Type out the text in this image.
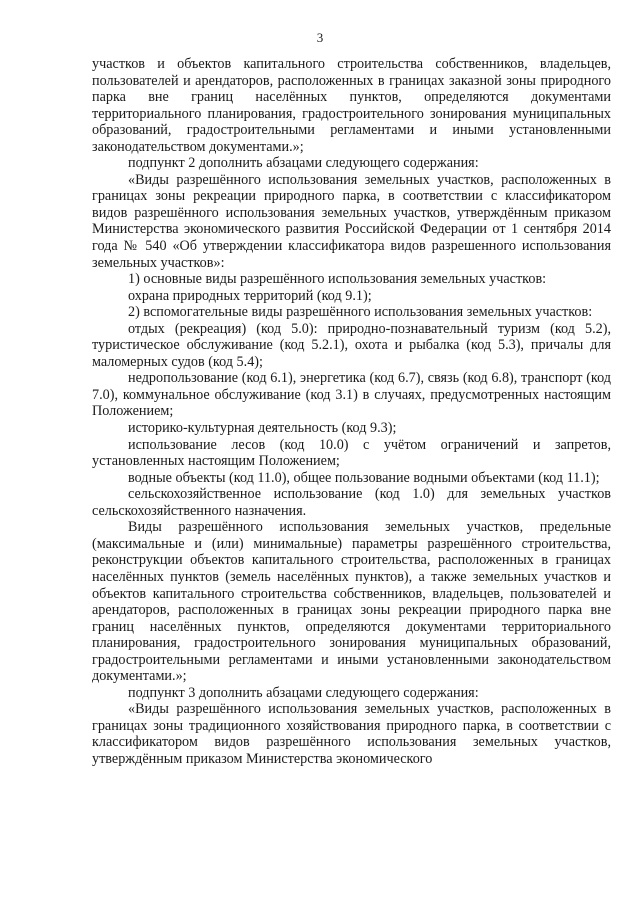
3

участков и объектов капитального строительства собственников, владельцев, пользователей и арендаторов, расположенных в границах заказной зоны природного парка вне границ населённых пунктов, определяются документами территориального планирования, градостроительного зонирования муниципальных образований, градостроительными регламентами и иными установленными законодательством документами.»;

подпункт 2 дополнить абзацами следующего содержания:

«Виды разрешённого использования земельных участков, расположенных в границах зоны рекреации природного парка, в соответствии с классификатором видов разрешённого использования земельных участков, утверждённым приказом Министерства экономического развития Российской Федерации от 1 сентября 2014 года № 540 «Об утверждении классификатора видов разрешенного использования земельных участков»:

1) основные виды разрешённого использования земельных участков:

охрана природных территорий (код 9.1);

2) вспомогательные виды разрешённого использования земельных участков:

отдых (рекреация) (код 5.0): природно-познавательный туризм (код 5.2), туристическое обслуживание (код 5.2.1), охота и рыбалка (код 5.3), причалы для маломерных судов (код 5.4);

недропользование (код 6.1), энергетика (код 6.7), связь (код 6.8), транспорт (код 7.0), коммунальное обслуживание (код 3.1) в случаях, предусмотренных настоящим Положением;

историко-культурная деятельность (код 9.3);

использование лесов (код 10.0) с учётом ограничений и запретов, установленных настоящим Положением;

водные объекты (код 11.0), общее пользование водными объектами (код 11.1);

сельскохозяйственное использование (код 1.0) для земельных участков сельскохозяйственного назначения.

Виды разрешённого использования земельных участков, предельные (максимальные и (или) минимальные) параметры разрешённого строительства, реконструкции объектов капитального строительства, расположенных в границах населённых пунктов (земель населённых пунктов), а также земельных участков и объектов капитального строительства собственников, владельцев, пользователей и арендаторов, расположенных в границах зоны рекреации природного парка вне границ населённых пунктов, определяются документами территориального планирования, градостроительного зонирования муниципальных образований, градостроительными регламентами и иными установленными законодательством документами.»;

подпункт 3 дополнить абзацами следующего содержания:

«Виды разрешённого использования земельных участков, расположенных в границах зоны традиционного хозяйствования природного парка, в соответствии с классификатором видов разрешённого использования земельных участков, утверждённым приказом Министерства экономического
